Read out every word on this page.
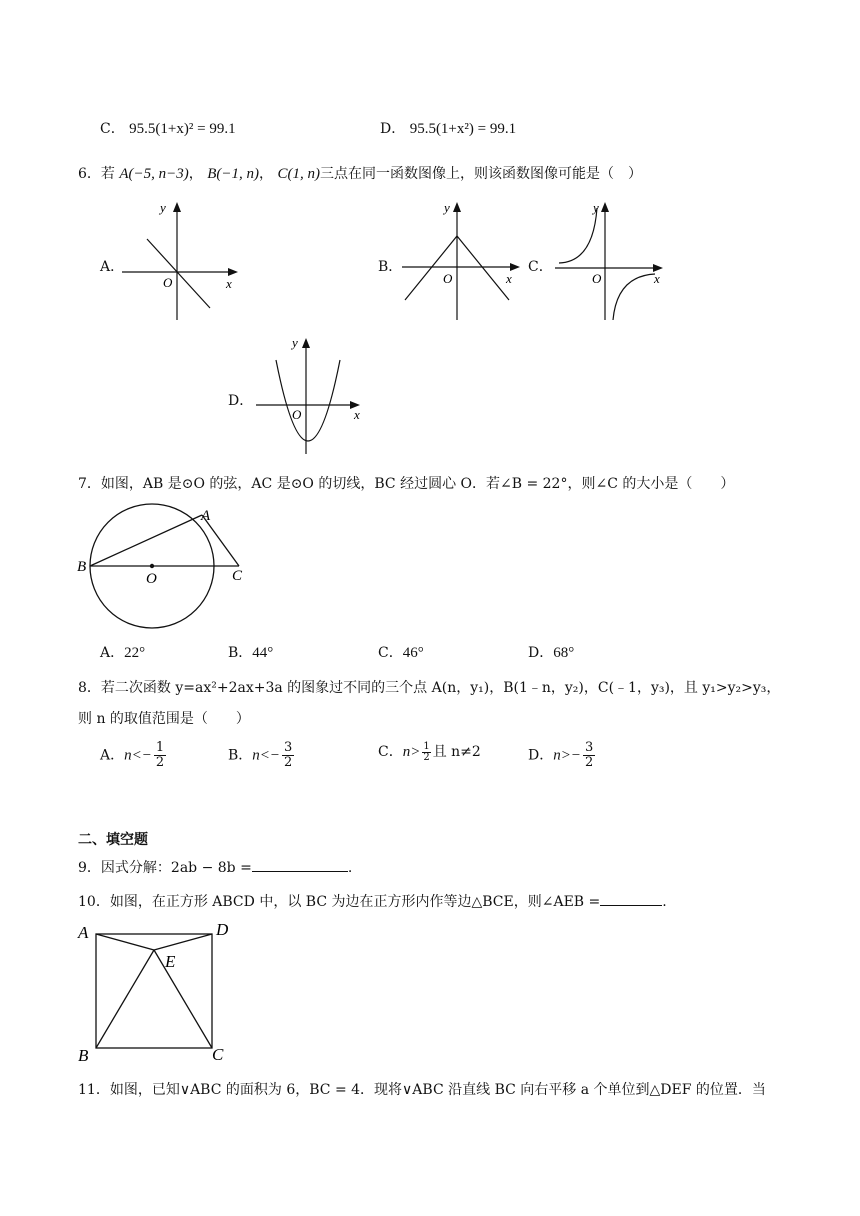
C． 95.5(1+x)² = 99.1	D． 95.5(1+x²) = 99.1
6．若 A(−5, n−3)， B(−1, n)， C(1, n)三点在同一函数图像上，则该函数图像可能是（　）
A．
y
O	x
B．
y
O	x
C．
y
O	x
D．
y
O	x
7．如图，AB 是⊙O 的弦，AC 是⊙O 的切线，BC 经过圆心 O．若∠B = 22°，则∠C 的大小是（　　）
A
B
O	C
A．22°	B．44°	C．46°	D．68°
8．若二次函数 y=ax²+2ax+3a 的图象过不同的三个点 A(n，y₁)，B(1﹣n，y₂)，C(﹣1，y₃)，且 y₁>y₂>y₃，
则 n 的取值范围是（　　）
A．$n<- \frac{1}{2}$	B．$n<- \frac{3}{2}$	C．$n> \frac{1}{2}$ 且 n≠2	D．$n>- \frac{3}{2}$
二、填空题
9．因式分解：2ab − 8b =	.
10．如图，在正方形 ABCD 中，以 BC 为边在正方形内作等边△BCE，则∠AEB =	.
A	D
E
B	C
11．如图，已知∨ABC 的面积为 6，BC = 4．现将∨ABC 沿直线 BC 向右平移 a 个单位到△DEF 的位置．当
